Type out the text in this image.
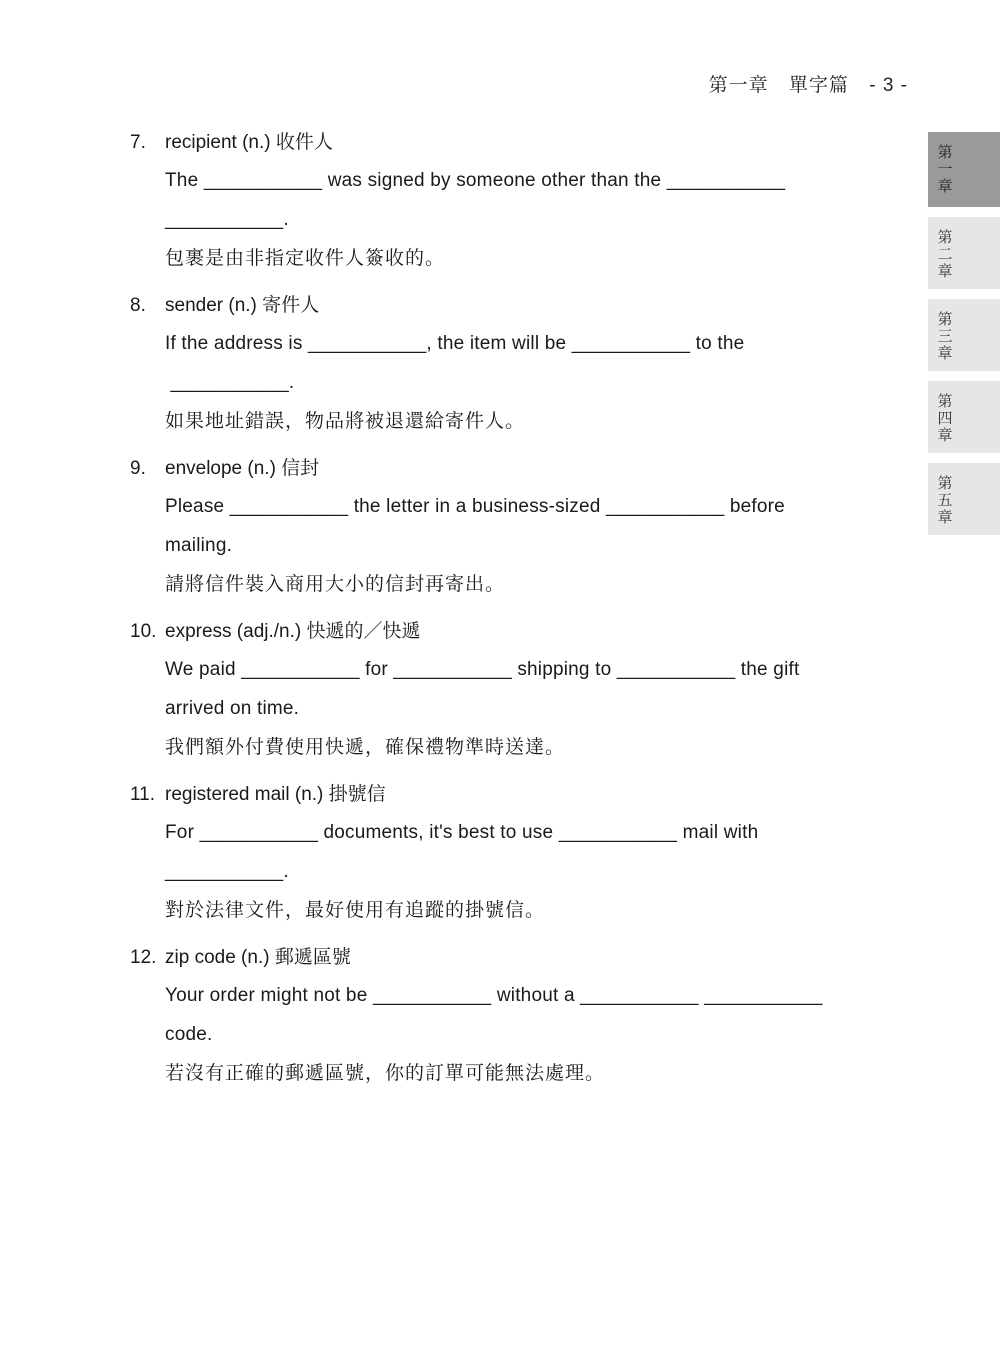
第一章 單字篇 - 3 -
第
一
章
第
二
章
第
三
章
第
四
章
第
五
章
7.	recipient (n.) 收件人
The ___________ was signed by someone other than the ___________
___________.
包裹是由非指定收件人簽收的。
8.	sender (n.) 寄件人
If the address is ___________, the item will be ___________ to the
___________.
如果地址錯誤，物品將被退還給寄件人。
9.	envelope (n.) 信封
Please ___________ the letter in a business-sized ___________ before
mailing.
請將信件裝入商用大小的信封再寄出。
10. express (adj./n.) 快遞的／快遞
We paid ___________ for ___________ shipping to ___________ the gift
arrived on time.
我們額外付費使用快遞，確保禮物準時送達。
11. registered mail (n.) 掛號信
For ___________ documents, it's best to use ___________ mail with
___________.
對於法律文件，最好使用有追蹤的掛號信。
12. zip code (n.) 郵遞區號
Your order might not be ___________ without a ___________ ___________
code.
若沒有正確的郵遞區號，你的訂單可能無法處理。
